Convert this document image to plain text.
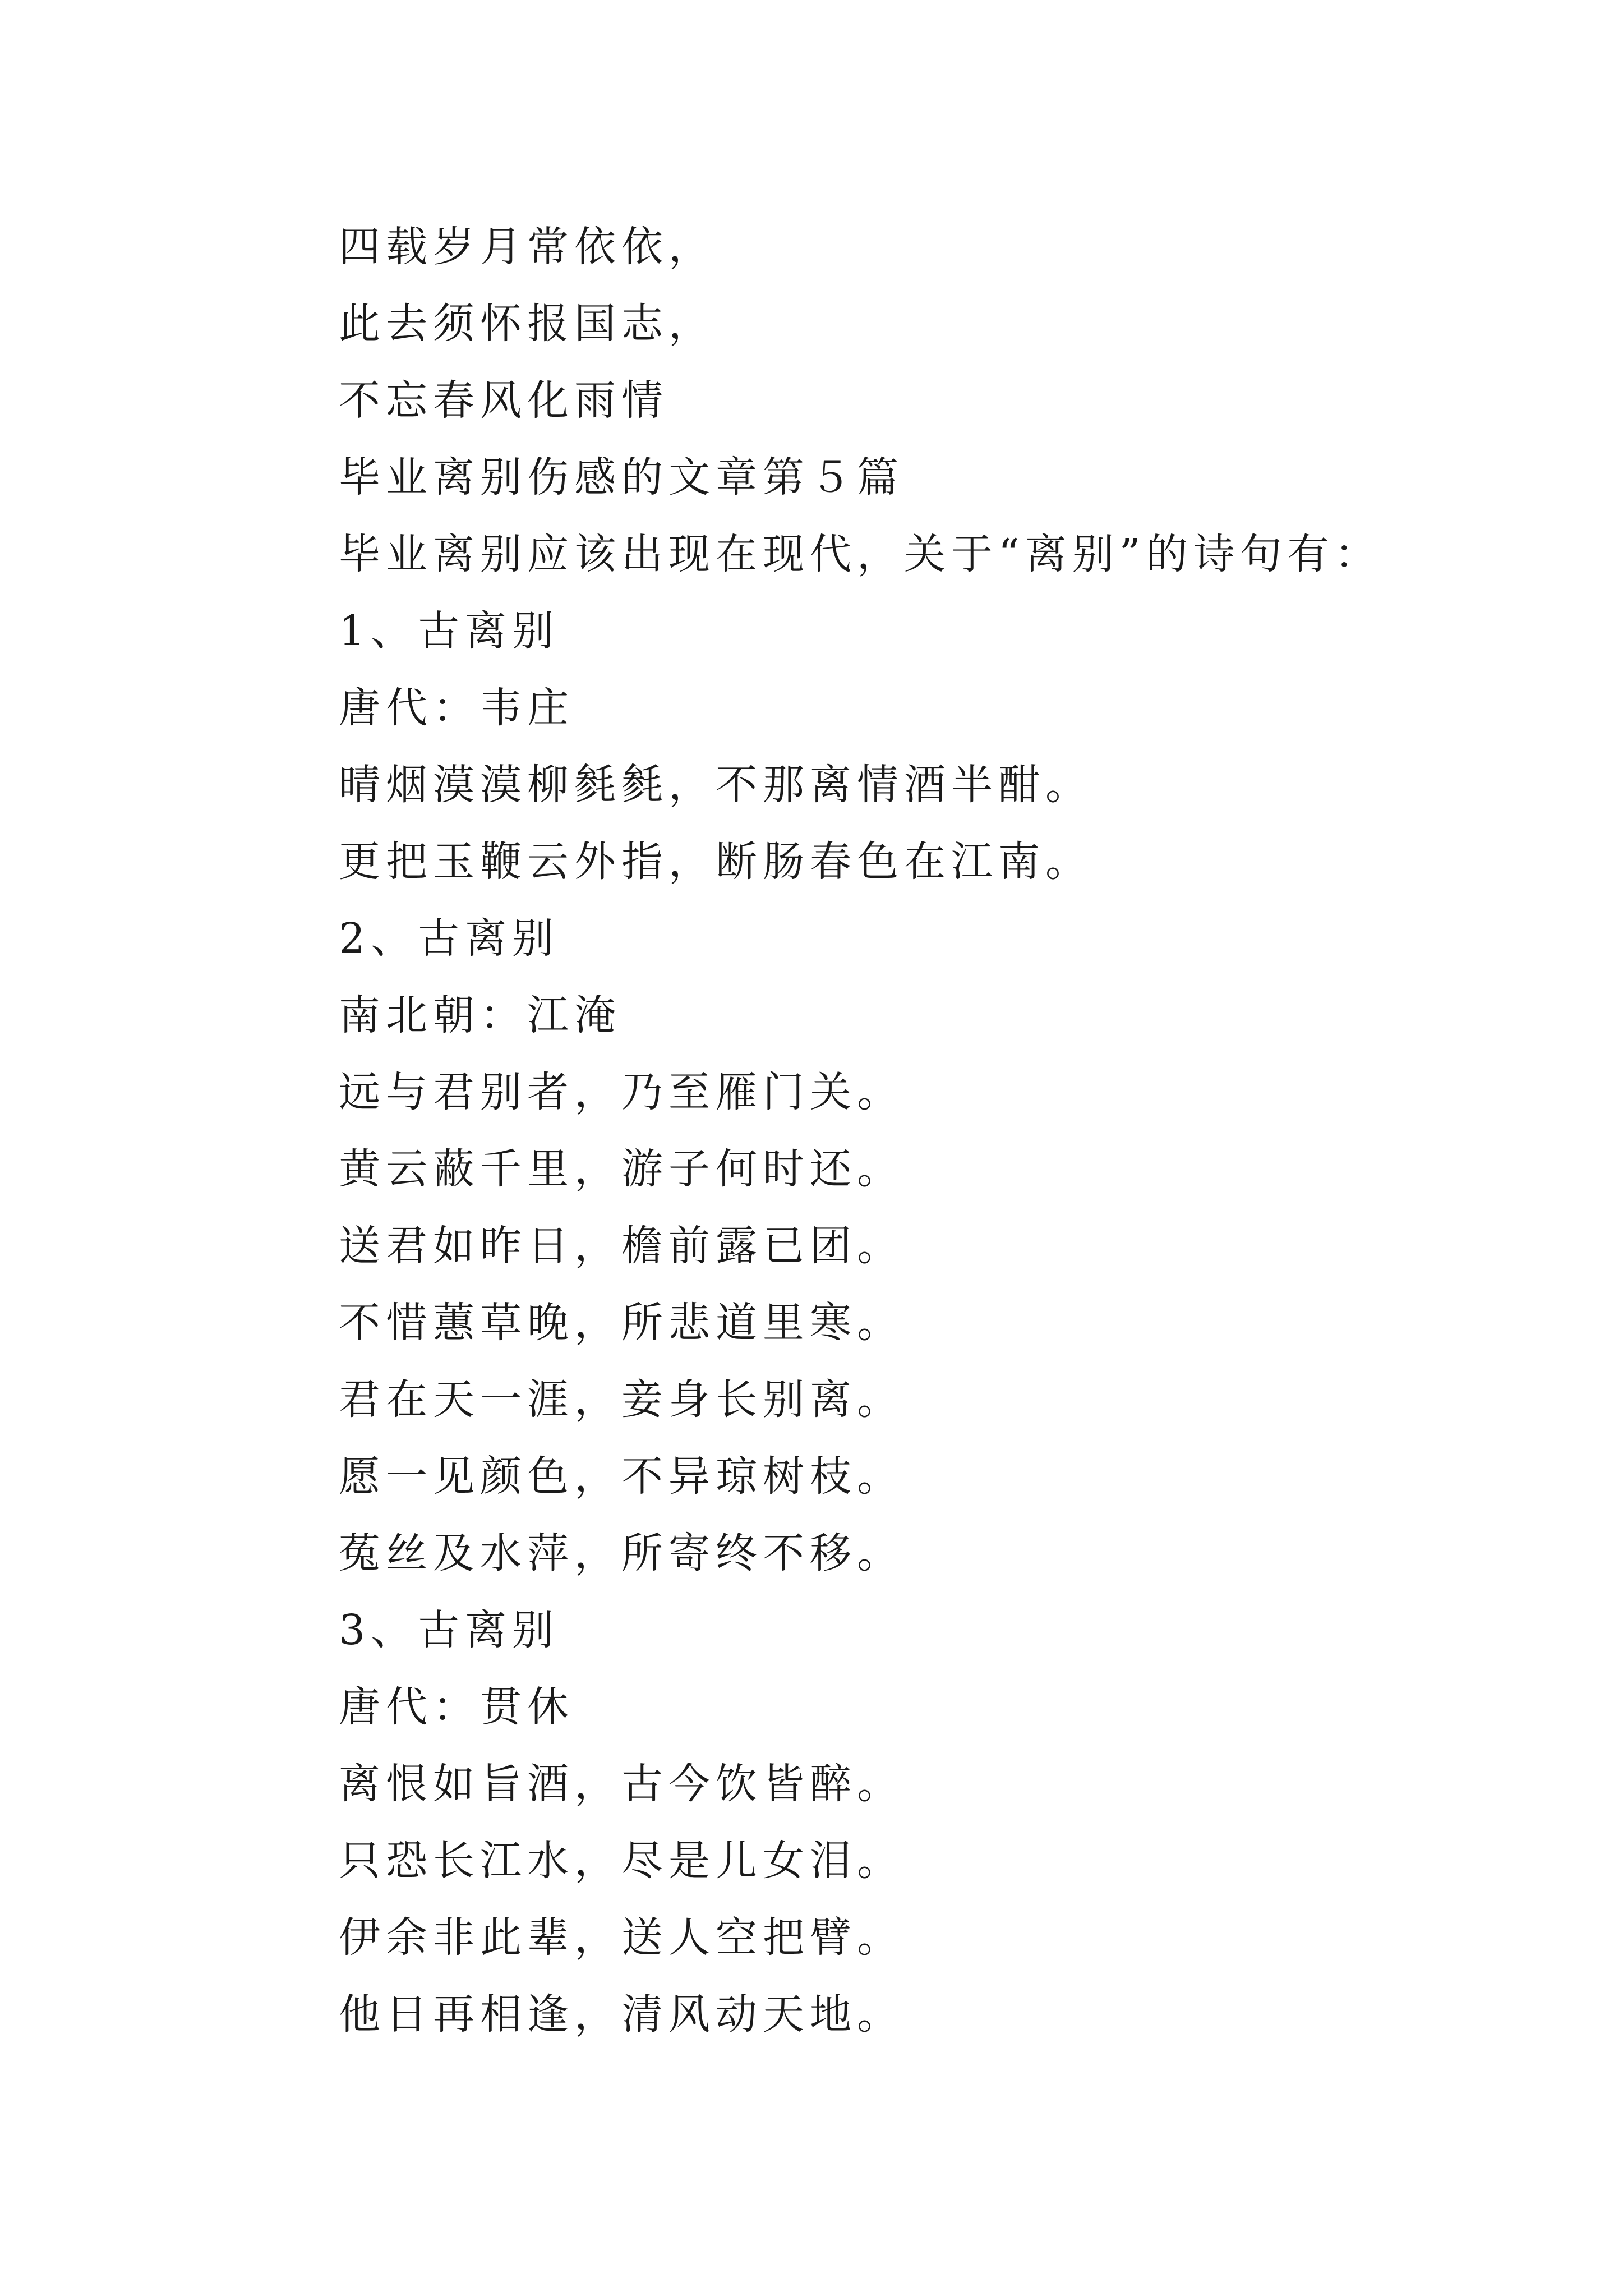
四载岁月常依依，
此去须怀报国志，
不忘春风化雨情
毕业离别伤感的文章第５篇
毕业离别应该出现在现代，关于“离别”的诗句有：
1、古离别
唐代：韦庄
晴烟漠漠柳毵毵，不那离情酒半酣。
更把玉鞭云外指，断肠春色在江南。
2、古离别
南北朝：江淹
远与君别者，乃至雁门关。
黄云蔽千里，游子何时还。
送君如昨日，檐前露已团。
不惜蕙草晚，所悲道里寒。
君在天一涯，妾身长别离。
愿一见颜色，不异琼树枝。
菟丝及水萍，所寄终不移。
3、古离别
唐代：贯休
离恨如旨酒，古今饮皆醉。
只恐长江水，尽是儿女泪。
伊余非此辈，送人空把臂。
他日再相逢，清风动天地。
